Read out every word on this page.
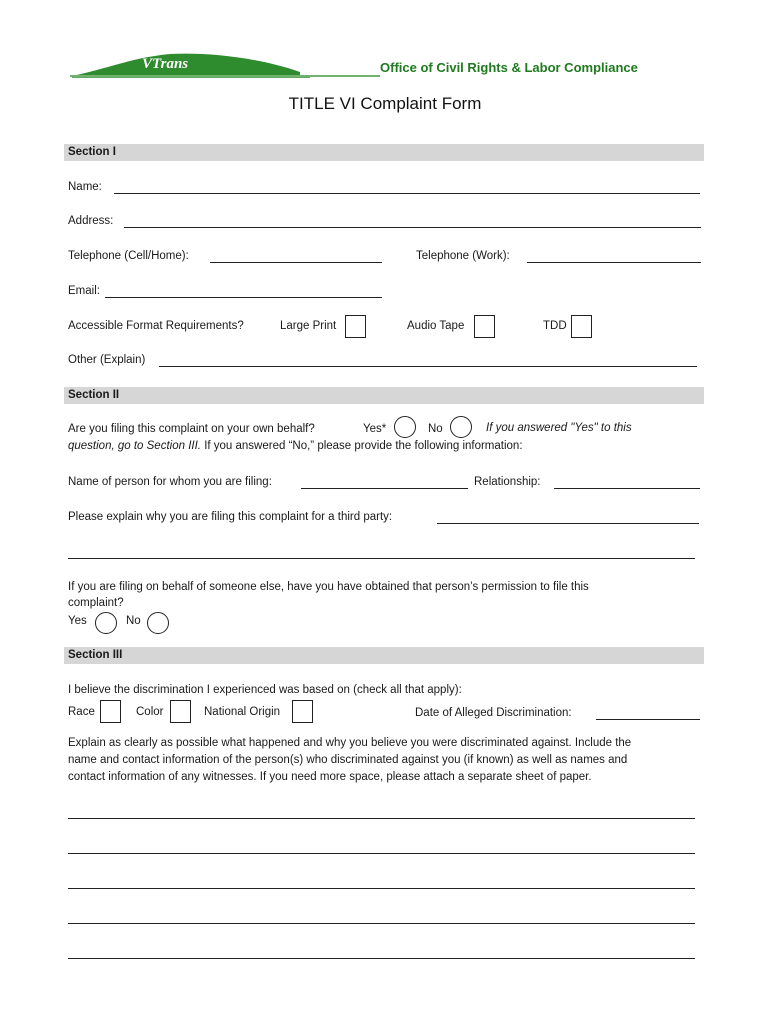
VTrans	Office of Civil Rights & Labor Compliance
TITLE VI Complaint Form
Section I
Name:
Address:
Telephone (Cell/Home):	Telephone (Work):
Email:
Accessible Format Requirements?	Large Print	Audio Tape	TDD
Other (Explain)
Section II
Are you filing this complaint on your own behalf?	Yes*	No	If you answered "Yes" to this
question, go to Section III. If you answered “No,” please provide the following information:
Name of person for whom you are filing:	Relationship:
Please explain why you are filing this complaint for a third party:
If you are filing on behalf of someone else, have you have obtained that person’s permission to file this
complaint?
Yes	No
Section III
I believe the discrimination I experienced was based on (check all that apply):
Race	Color	National Origin	Date of Alleged Discrimination:
Explain as clearly as possible what happened and why you believe you were discriminated against. Include the
name and contact information of the person(s) who discriminated against you (if known) as well as names and
contact information of any witnesses. If you need more space, please attach a separate sheet of paper.
